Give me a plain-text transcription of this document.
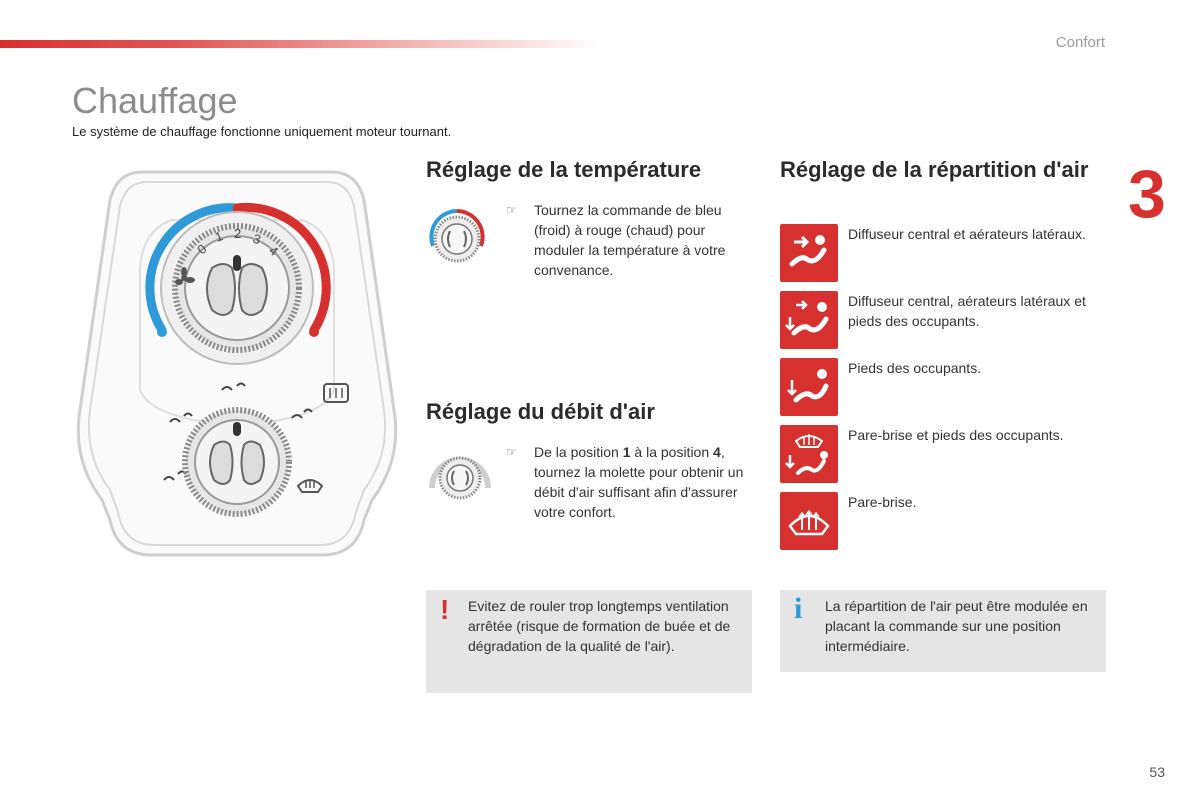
Confort
3
Chauffage

Le système de chauffage fonctionne uniquement moteur tournant.

0
1 2 3
4
Réglage de la température
☞ Tournez la commande de bleu (froid) à rouge (chaud) pour moduler la température à votre convenance.
Réglage du débit d'air
☞ De la position 1 à la position 4, tournez la molette pour obtenir un débit d'air suffisant afin d'assurer votre confort.
Réglage de la répartition d'air
Diffuseur central et aérateurs latéraux.
Diffuseur central, aérateurs latéraux et pieds des occupants.
Pieds des occupants.
Pare-brise et pieds des occupants.
Pare-brise.
! Evitez de rouler trop longtemps ventilation arrêtée (risque de formation de buée et de dégradation de la qualité de l'air).
i La répartition de l'air peut être modulée en placant la commande sur une position intermédiaire.
53
